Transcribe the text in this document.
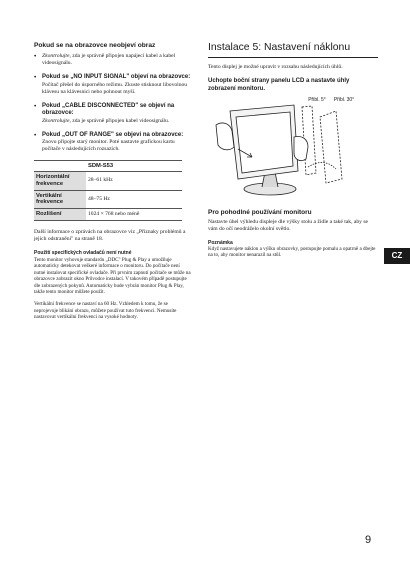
Pokud se na obrazovce neobjeví obraz
• Zkontrolujte, zda je správně připojen napájecí kabel a kabel videosignálu.
• Pokud se „NO INPUT SIGNAL" objeví na obrazovce:
Počítač přešel do úsporného režimu. Zkuste stisknout libovolnou klávesu na klávesnici nebo pohnout myší.
• Pokud „CABLE DISCONNECTED" se objeví na obrazovce:
Zkontrolujte, zda je správně připojen kabel videosignálu.
• Pokud „OUT OF RANGE" se objeví na obrazovce:
Znovu připojte starý monitor. Poté nastavte grafickou kartu počítače v následujících rozsazích.
	SDM-S53
Horizontální frekvence	28–61 kHz
Vertikální frekvence	48–75 Hz
Rozlišení	1024 × 768 nebo méně
Další informace o zprávách na obrazovce viz „Příznaky problémů a jejich odstranění" na straně 18.
Použití specifických ovladačů není nutné
Tento monitor vyhovuje standardu „DDC" Plug & Play a umožňuje automaticky detekovat veškeré informace o monitoru. Do počítače není nutné instalovat specifické ovladače. Při prvním zapnutí počítače se může na obrazovce zobrazit okno Průvodce instalací. V takovém případě postupujte dle zobrazených pokynů. Automaticky bude vybrán monitor Plug & Play, takže tento monitor můžete použít.
Vertikální frekvence se nastaví na 60 Hz. Vzhledem k tomu, že se neprojevuje blikání obrazu, můžete používat tuto frekvenci. Nemusíte nastavovat vertikální frekvenci na vysoké hodnoty.
Instalace 5: Nastavení náklonu
Tento displej je možné upravit v rozsahu následujících úhlů.
Uchopte boční strany panelu LCD a nastavte úhly zobrazení monitoru.
Přibl. 5°	Přibl. 30°
Pro pohodlné používání monitoru
Nastavte úhel výhledu displeje dle výšky stolu a židle a také tak, aby se vám do očí neodráželo okolní světlo.
Poznámka
Když nastavujete náklon a výšku obrazovky, postupujte pomalu a opatrně a dbejte na to, aby monitor nenarazil na stůl.	CZ
9
